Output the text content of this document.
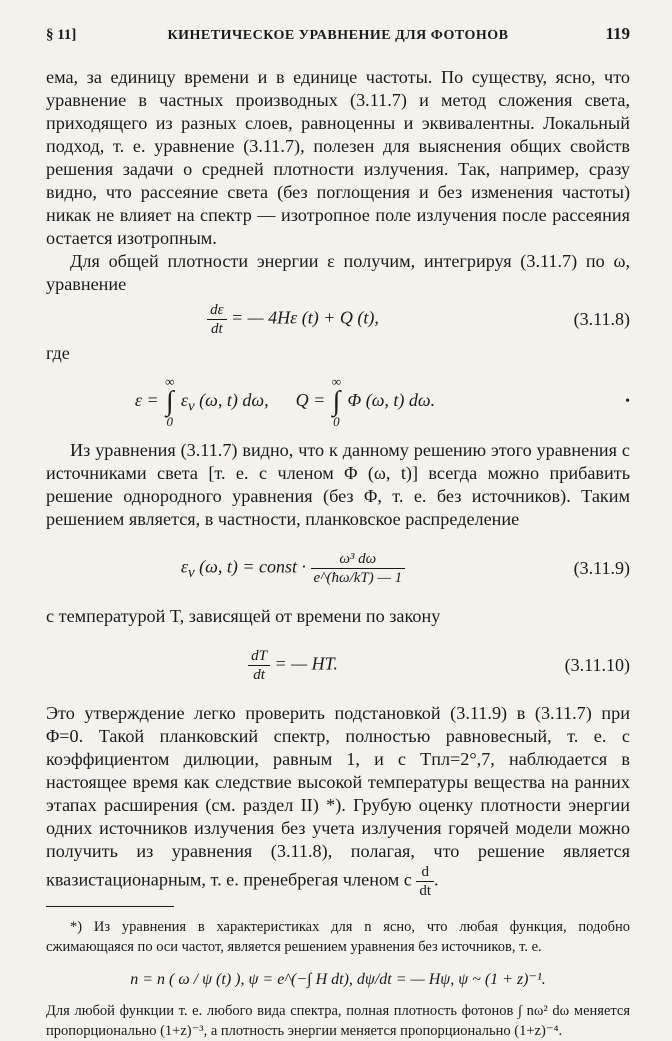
§ 11]	КИНЕТИЧЕСКОЕ УРАВНЕНИЕ ДЛЯ ФОТОНОВ	119

ема, за единицу времени и в единице частоты. По существу, ясно, что уравнение в частных производных (3.11.7) и метод сложения света, приходящего из разных слоев, равноценны и эквивалентны. Локальный подход, т. е. уравнение (3.11.7), полезен для выяснения общих свойств решения задачи о средней плотности излучения. Так, например, сразу видно, что рассеяние света (без поглощения и без изменения частоты) никак не влияет на спектр — изотропное поле излучения после рассеяния остается изотропным.

Для общей плотности энергии ε получим, интегрируя (3.11.7) по ω, уравнение

$\frac{d\varepsilon}{dt}$ = — 4Hε (t) + Q (t),	(3.11.8)

где

ε = ∞
∫
0 $\varepsilon_\nu$ (ω, t) dω, Q = ∞
∫
0 Φ (ω, t) dω.	•

Из уравнения (3.11.7) видно, что к данному решению этого уравнения с источниками света [т. е. с членом Φ (ω, t)] всегда можно прибавить решение однородного уравнения (без Φ, т. е. без источников). Таким решением является, в частности, планковское распределение

$\varepsilon_\nu$ (ω, t) = const · $\frac{\text{ω³ dω}}{e\^{}(ħ\omega/kT) — 1}$	(3.11.9)

с температурой T, зависящей от времени по закону

$\frac{dT}{dt}$ = — HT.	(3.11.10)

Это утверждение легко проверить подстановкой (3.11.9) в (3.11.7) при Φ=0. Такой планковский спектр, полностью равновесный, т. е. с коэффициентом дилюции, равным 1, и с Tпл=2°,7, наблюдается в настоящее время как следствие высокой температуры вещества на ранних этапах расширения (см. раздел II) *). Грубую оценку плотности энергии одних источников излучения без учета излучения горячей модели можно получить из уравнения (3.11.8), полагая, что решение является квазистационарным, т. е. пренебрегая членом с $\frac{d}{dt}$ .

*) Из уравнения в характеристиках для n ясно, что любая функция, подобно сжимающаяся по оси частот, является решением уравнения без источников, т. е.

n = n ( ω / ψ (t) ), ψ = e^(−∫ H dt), dψ/dt = — Hψ, ψ ~ (1 + z)⁻¹.

Для любой функции т. е. любого вида спектра, полная плотность фотонов ∫ nω² dω меняется пропорционально (1+z)⁻³, а плотность энергии меняется пропорционально (1+z)⁻⁴.
